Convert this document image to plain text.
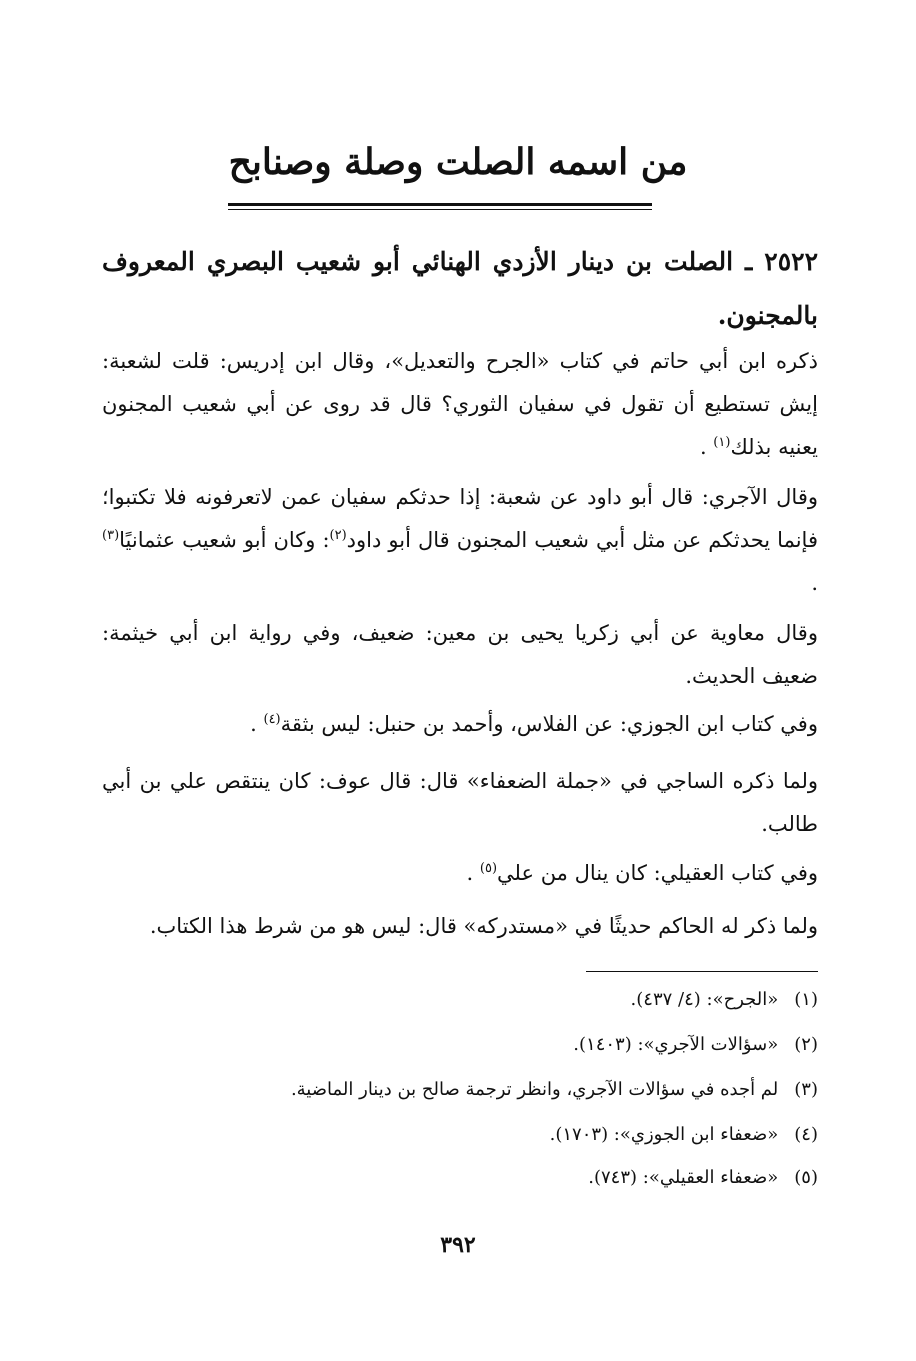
من اسمه الصلت وصلة وصنابح
٢٥٢٢ ـ الصلت بن دينار الأزدي الهنائي أبو شعيب البصري المعروف بالمجنون.
ذكره ابن أبي حاتم في كتاب «الجرح والتعديل»، وقال ابن إدريس: قلت لشعبة: إيش تستطيع أن تقول في سفيان الثوري؟ قال قد روى عن أبي شعيب المجنون يعنيه بذلك$^{(١)}$ .
وقال الآجري: قال أبو داود عن شعبة: إذا حدثكم سفيان عمن لاتعرفونه فلا تكتبوا؛ فإنما يحدثكم عن مثل أبي شعيب المجنون قال أبو داود$^{(٢)}$: وكان أبو شعيب عثمانيًا$^{(٣)}$ .
وقال معاوية عن أبي زكريا يحيى بن معين: ضعيف، وفي رواية ابن أبي خيثمة: ضعيف الحديث.
وفي كتاب ابن الجوزي: عن الفلاس، وأحمد بن حنبل: ليس بثقة$^{(٤)}$ .
ولما ذكره الساجي في «جملة الضعفاء» قال: قال عوف: كان ينتقص علي بن أبي طالب.
وفي كتاب العقيلي: كان ينال من علي$^{(٥)}$ .
ولما ذكر له الحاكم حديثًا في «مستدركه» قال: ليس هو من شرط هذا الكتاب.
(١) «الجرح»: (٤/ ٤٣٧).
(٢) «سؤالات الآجري»: (١٤٠٣).
(٣) لم أجده في سؤالات الآجري، وانظر ترجمة صالح بن دينار الماضية.
(٤) «ضعفاء ابن الجوزي»: (١٧٠٣).
(٥) «ضعفاء العقيلي»: (٧٤٣).
٣٩٢
